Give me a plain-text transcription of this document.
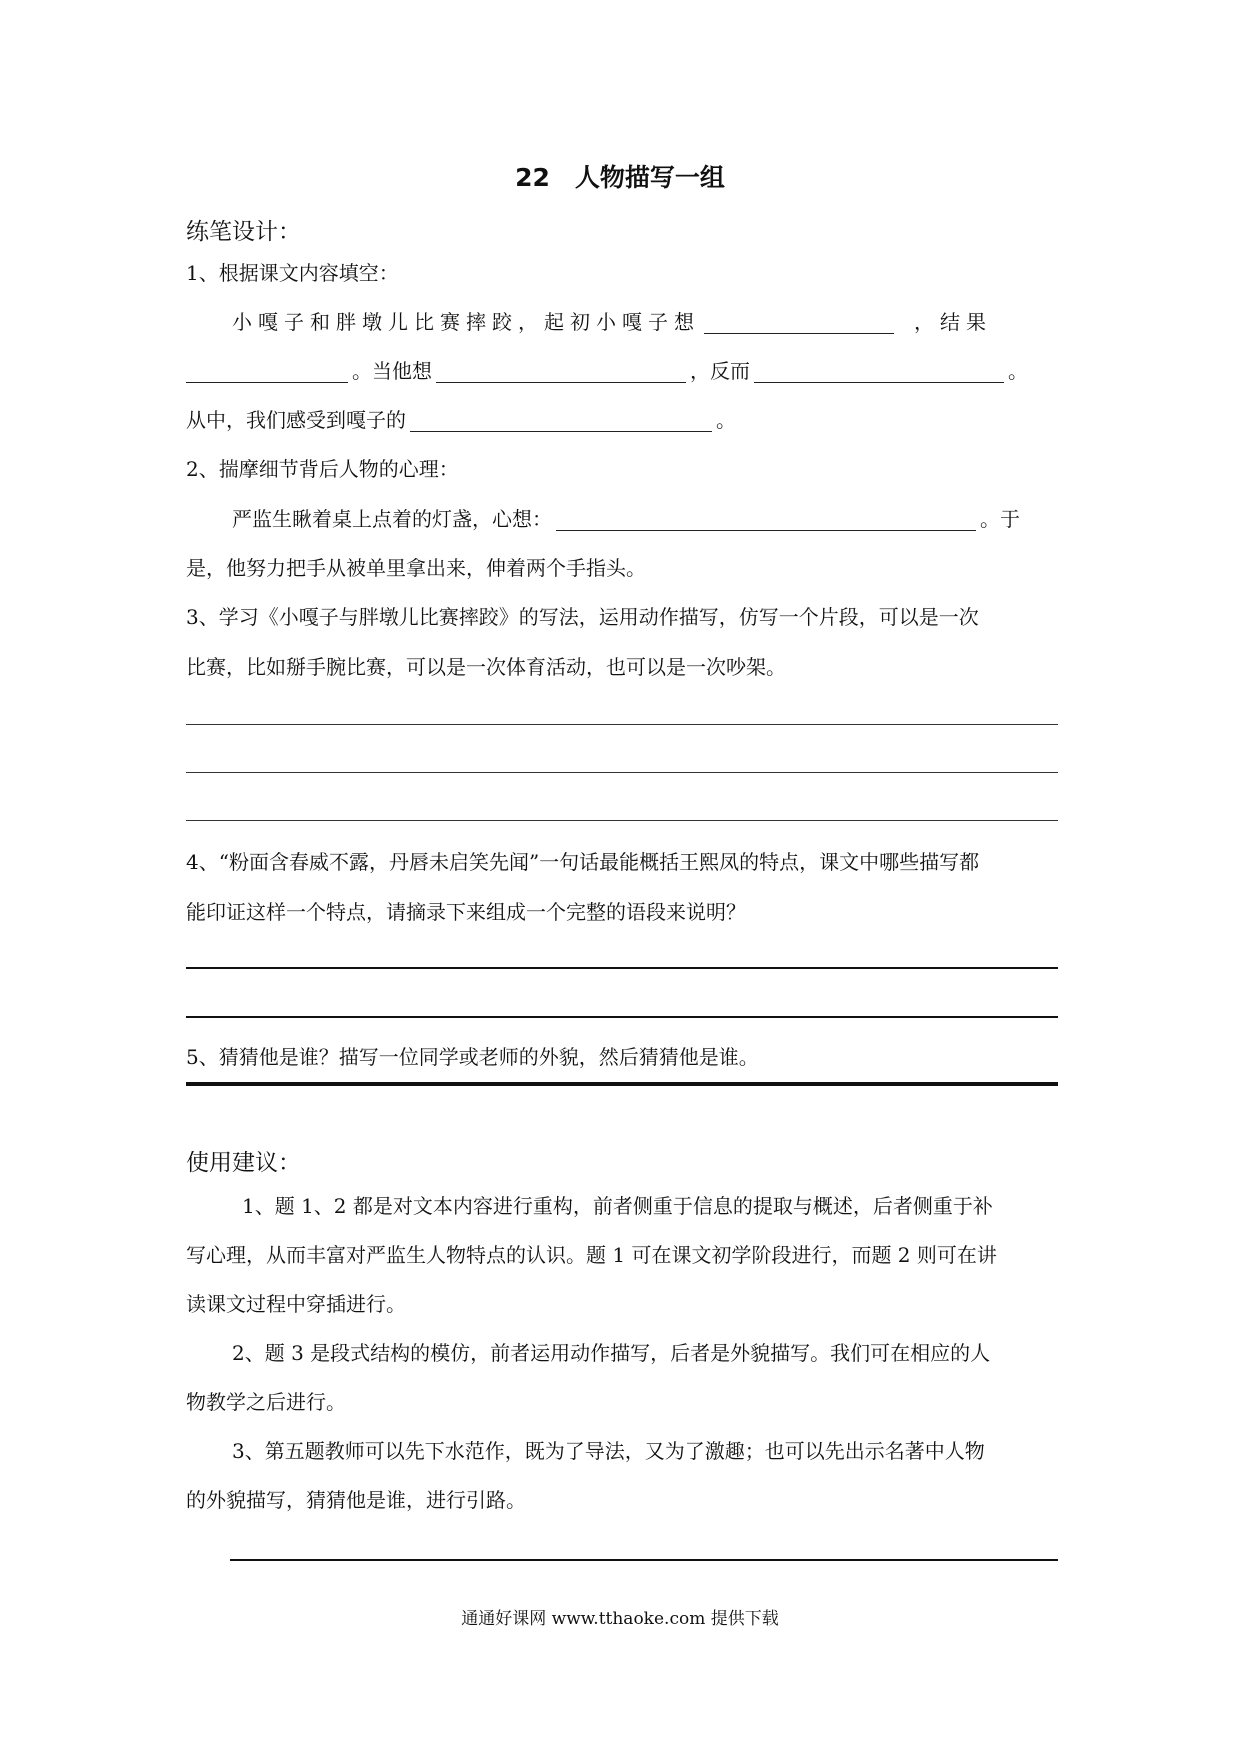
22　人物描写一组
练笔设计：
1、根据课文内容填空：
小嘎子和胖墩儿比赛摔跤，起初小嘎子想	，结果
。当他想	，反而	。
从中，我们感受到嘎子的	。
2、揣摩细节背后人物的心理：
严监生瞅着桌上点着的灯盏，心想：	。于
是，他努力把手从被单里拿出来，伸着两个手指头。
3、学习《小嘎子与胖墩儿比赛摔跤》的写法，运用动作描写，仿写一个片段，可以是一次
比赛，比如掰手腕比赛，可以是一次体育活动，也可以是一次吵架。
4、“粉面含春威不露，丹唇未启笑先闻”一句话最能概括王熙凤的特点，课文中哪些描写都
能印证这样一个特点，请摘录下来组成一个完整的语段来说明？
5、猜猜他是谁？描写一位同学或老师的外貌，然后猜猜他是谁。
使用建议：
1、题 1、2 都是对文本内容进行重构，前者侧重于信息的提取与概述，后者侧重于补
写心理，从而丰富对严监生人物特点的认识。题 1 可在课文初学阶段进行，而题 2 则可在讲
读课文过程中穿插进行。
2、题 3 是段式结构的模仿，前者运用动作描写，后者是外貌描写。我们可在相应的人
物教学之后进行。
3、第五题教师可以先下水范作，既为了导法，又为了激趣；也可以先出示名著中人物
的外貌描写，猜猜他是谁，进行引路。
通通好课网 www.tthaoke.com 提供下载
